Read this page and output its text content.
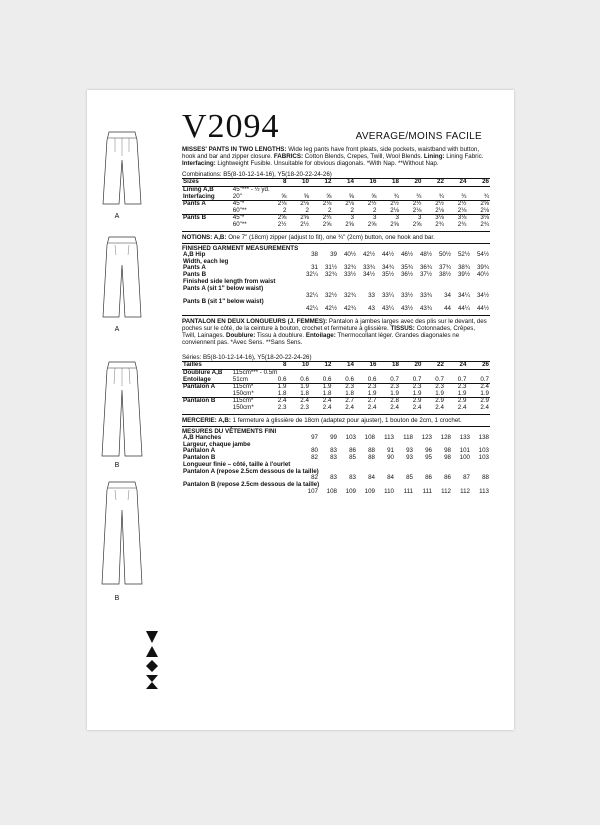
A
A
B
B
V2094	AVERAGE/MOINS FACILE

MISSES' PANTS IN TWO LENGTHS: Wide leg pants have front pleats, side pockets, waistband with button, hook and bar and zipper closure. FABRICS: Cotton Blends, Crepes, Twill, Wool Blends. Lining: Lining Fabric. Interfacing: Lightweight Fusible. Unsuitable for obvious diagonals. *With Nap. **Without Nap.

Combinations: B5(8-10-12-14-16), Y5(18-20-22-24-26)
Sizes		8	10	12	14	16	18	20	22	24	26
Lining A,B	45"*** - ½ yd.										
Interfacing	20"	⅝	⅝	⅝	⅝	⅝	¾	¾	¾	¾	¾
Pants A	45"*	2⅛	2⅛	2⅛	2⅛	2½	2½	2½	2½	2½	2⅝
	60"**	2	2	2	2	2	2⅛	2⅛	2⅛	2⅛	2⅛
Pants B	45"*	2⅝	2⅝	2¾	3	3	3	3	3⅛	3⅛	3⅛
	60"**	2½	2½	2⅝	2⅝	2⅝	2⅝	2⅝	2¾	2¾	2¾

NOTIONS: A,B: One 7" (18cm) zipper (adjust to fit), one ¾" (2cm) button, one hook and bar.

FINISHED GARMENT MEASUREMENTS
A,B Hip	38	39	40½	42½	44½	46½	48½	50½	52½	54½
Width, each leg										
Pants A	31	31½	32¾	33¾	34¾	35¾	36¾	37¾	38¾	39¾
Pants B	32¼	32¾	33½	34½	35½	36½	37½	38½	39½	40½
Finished side length from waist										
Pants A (sit 1" below waist)										
	32¼	32½	32¾	33	33¼	33½	33¾	34	34¼	34½
Pants B (sit 1" below waist)										
	42¼	42½	42¾	43	43¼	43½	43¾	44	44¼	44½

PANTALON EN DEUX LONGUEURS (J. FEMMES): Pantalon à jambes larges avec des plis sur le devant, des poches sur le côté, de la ceinture à bouton, crochet et fermeture à glissière. TISSUS: Cotonnades, Crêpes, Twill, Lainages. Doublure: Tissu à doublure. Entoilage: Thermocollant léger. Grandes diagonales ne conviennent pas. *Avec Sens. **Sans Sens.

Séries: B5(8-10-12-14-16), Y5(18-20-22-24-26)
Tailles		8	10	12	14	16	18	20	22	24	26
Doublure A,B	115cm*** - 0.5m										
Entoilage	51cm	0.6	0.6	0.6	0.6	0.6	0.7	0.7	0.7	0.7	0.7
Pantalon A	115cm*	1.9	1.9	1.9	2.3	2.3	2.3	2.3	2.3	2.3	2.4
	150cm*	1.8	1.8	1.8	1.8	1.9	1.9	1.9	1.9	1.9	1.9
Pantalon B	115cm*	2.4	2.4	2.4	2.7	2.7	2.8	2.9	2.9	2.9	2.9
	150cm*	2.3	2.3	2.4	2.4	2.4	2.4	2.4	2.4	2.4	2.4

MERCERIE: A,B: 1 fermeture à glissière de 18cm (adaptez pour ajuster), 1 bouton de 2cm, 1 crochet.

MESURES DU VÊTEMENTS FINI
A,B Hanches	97	99	103	108	113	118	123	128	133	138
Largeur, chaque jambe										
Pantalon A	80	83	86	88	91	93	96	98	101	103
Pantalon B	82	83	85	88	90	93	95	98	100	103
Longueur finie – côté, taille à l'ourlet										
Pantalon A (repose 2.5cm dessous de la taille)										
	82	83	83	84	84	85	86	86	87	88
Pantalon B (repose 2.5cm dessous de la taille)										
	107	108	109	109	110	111	111	112	112	113
